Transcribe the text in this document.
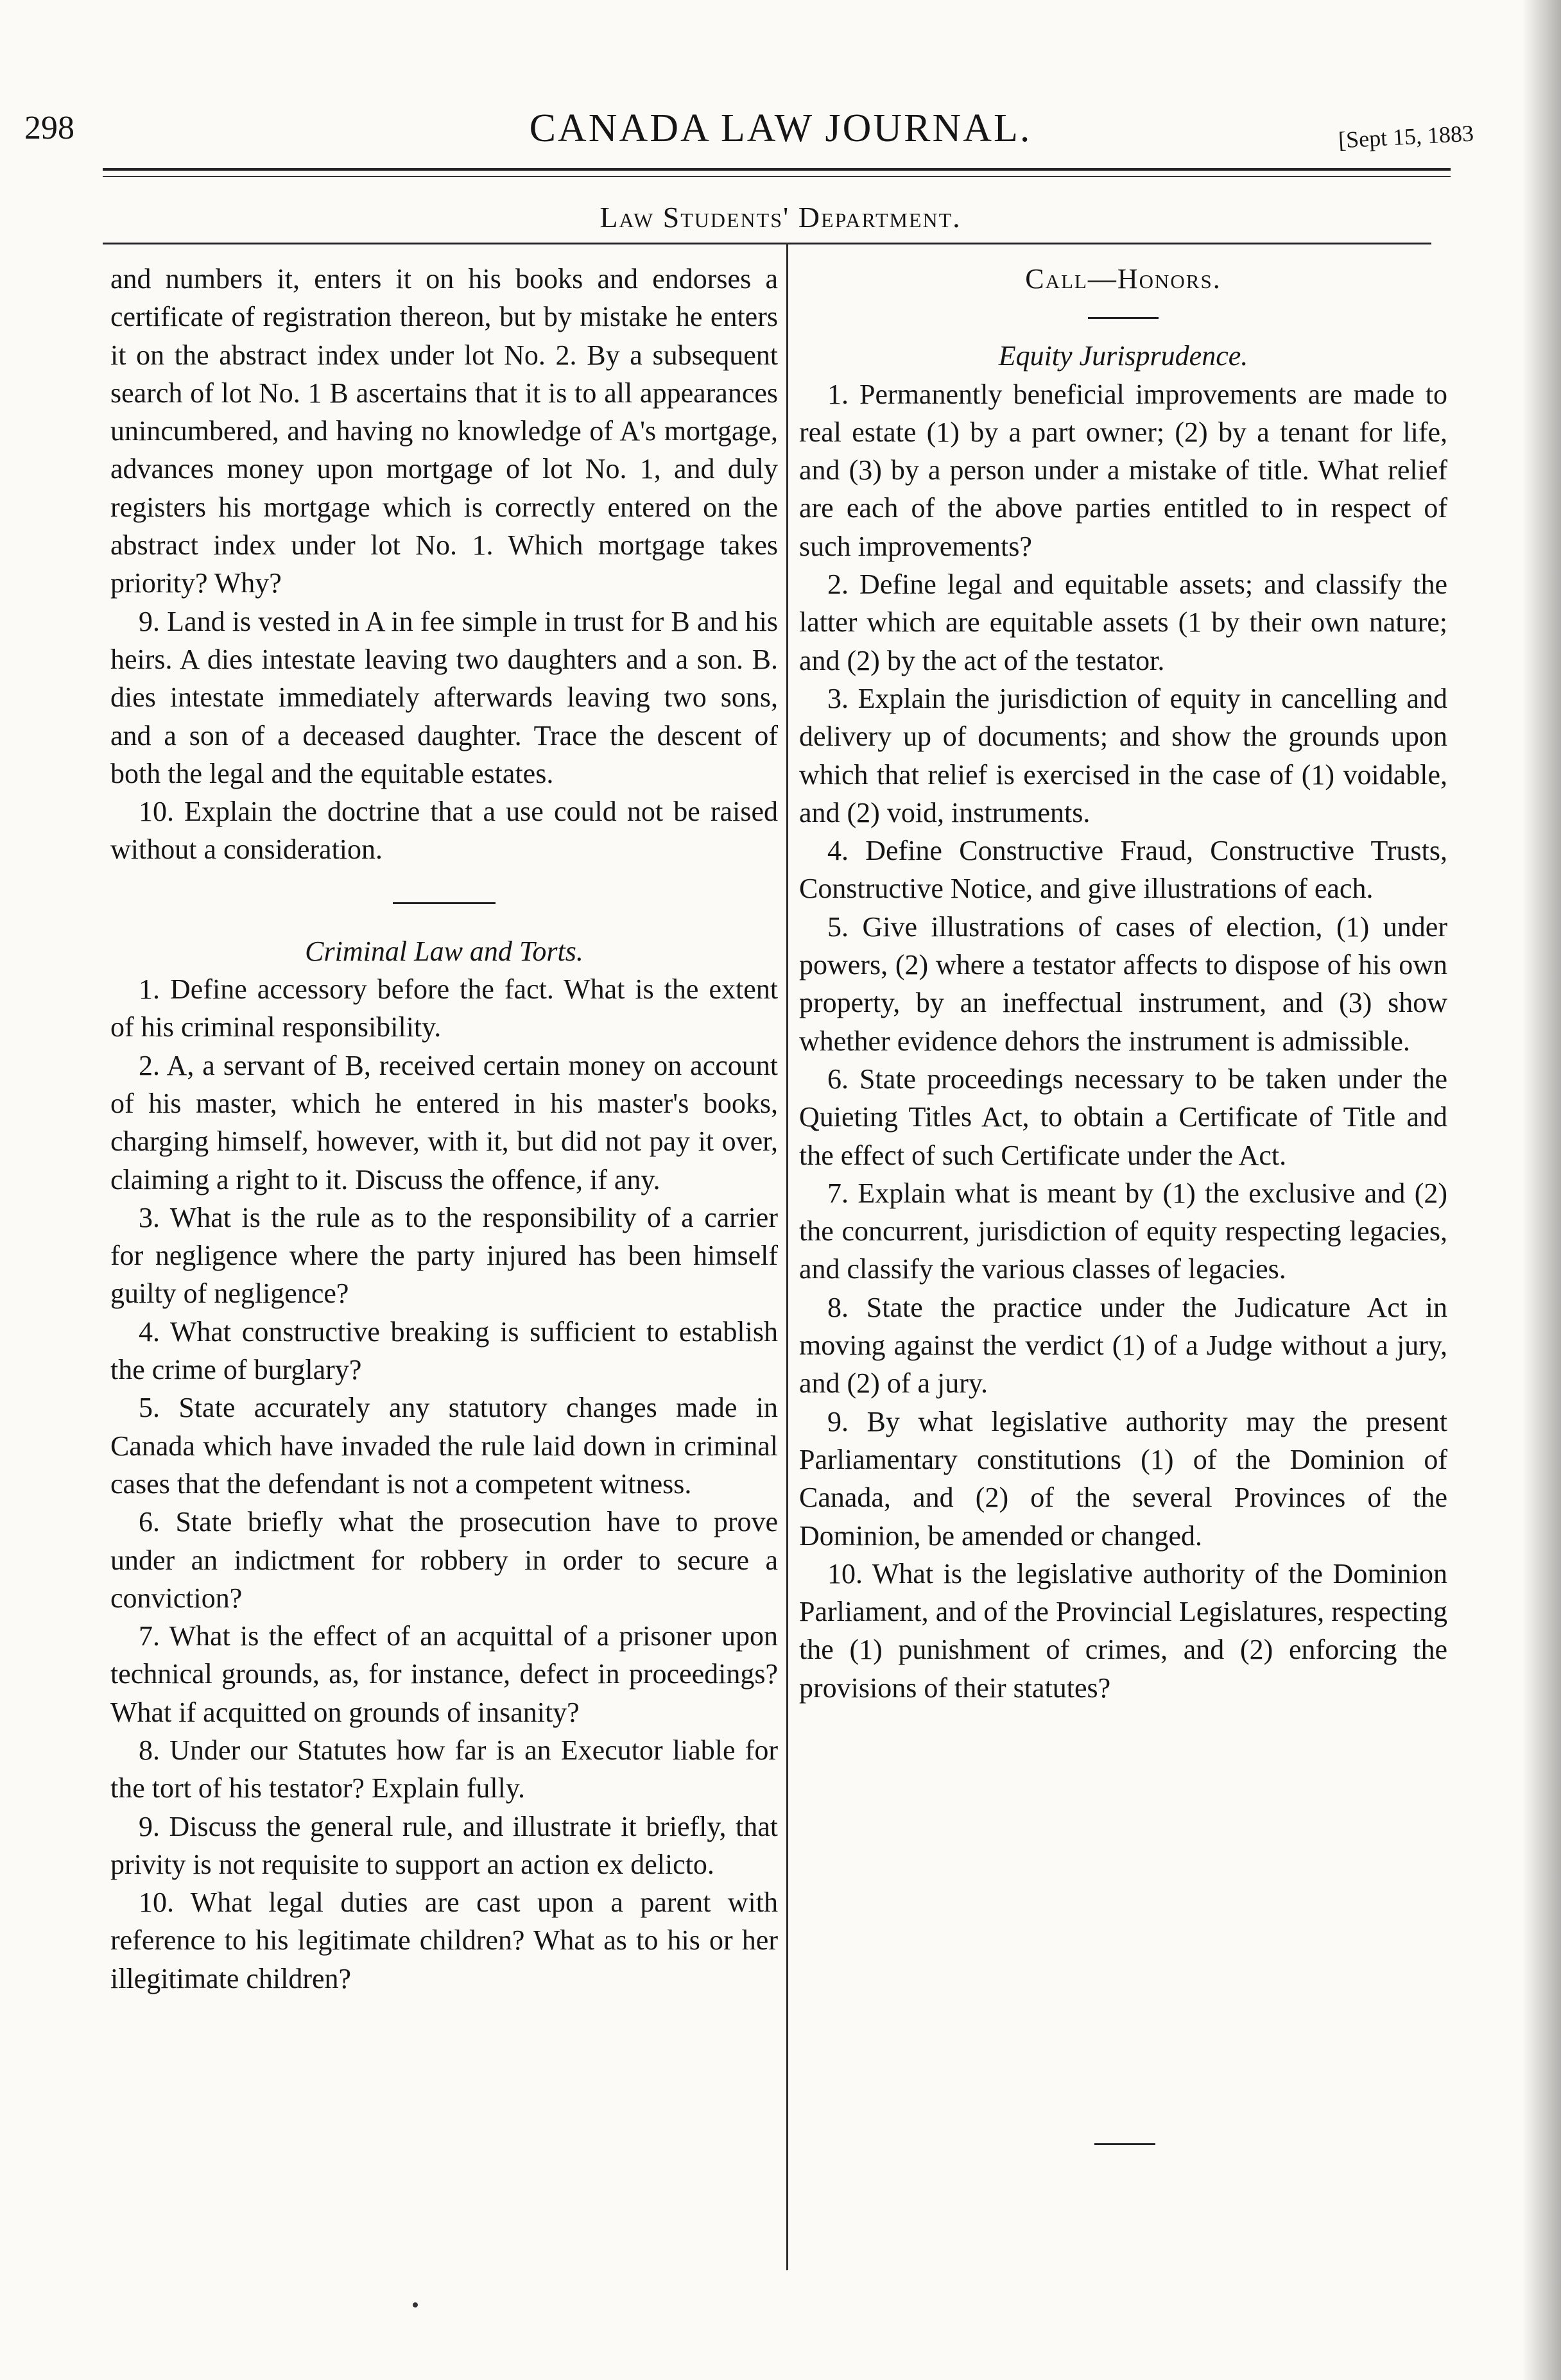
298	CANADA LAW JOURNAL.	[Sept 15, 1883
Law Students' Department.

and numbers it, enters it on his books and endorses a certificate of registration thereon, but by mistake he enters it on the abstract index under lot No. 2. By a subsequent search of lot No. 1 B ascertains that it is to all appearances unincumbered, and having no knowledge of A's mortgage, advances money upon mortgage of lot No. 1, and duly registers his mortgage which is correctly entered on the abstract index under lot No. 1. Which mortgage takes priority? Why?

9. Land is vested in A in fee simple in trust for B and his heirs. A dies intestate leaving two daughters and a son. B. dies intestate immediately afterwards leaving two sons, and a son of a deceased daughter. Trace the descent of both the legal and the equitable estates.

10. Explain the doctrine that a use could not be raised without a consideration.

Criminal Law and Torts.

1. Define accessory before the fact. What is the extent of his criminal responsibility.

2. A, a servant of B, received certain money on account of his master, which he entered in his master's books, charging himself, however, with it, but did not pay it over, claiming a right to it. Discuss the offence, if any.

3. What is the rule as to the responsibility of a carrier for negligence where the party injured has been himself guilty of negligence?

4. What constructive breaking is sufficient to establish the crime of burglary?

5. State accurately any statutory changes made in Canada which have invaded the rule laid down in criminal cases that the defendant is not a competent witness.

6. State briefly what the prosecution have to prove under an indictment for robbery in order to secure a conviction?

7. What is the effect of an acquittal of a prisoner upon technical grounds, as, for instance, defect in proceedings? What if acquitted on grounds of insanity?

8. Under our Statutes how far is an Executor liable for the tort of his testator? Explain fully.

9. Discuss the general rule, and illustrate it briefly, that privity is not requisite to support an action ex delicto.

10. What legal duties are cast upon a parent with reference to his legitimate children? What as to his or her illegitimate children?

Call—Honors.

Equity Jurisprudence.

1. Permanently beneficial improvements are made to real estate (1) by a part owner; (2) by a tenant for life, and (3) by a person under a mistake of title. What relief are each of the above parties entitled to in respect of such improvements?

2. Define legal and equitable assets; and classify the latter which are equitable assets (1 by their own nature; and (2) by the act of the testator.

3. Explain the jurisdiction of equity in cancelling and delivery up of documents; and show the grounds upon which that relief is exercised in the case of (1) voidable, and (2) void, instruments.

4. Define Constructive Fraud, Constructive Trusts, Constructive Notice, and give illustrations of each.

5. Give illustrations of cases of election, (1) under powers, (2) where a testator affects to dispose of his own property, by an ineffectual instrument, and (3) show whether evidence dehors the instrument is admissible.

6. State proceedings necessary to be taken under the Quieting Titles Act, to obtain a Certificate of Title and the effect of such Certificate under the Act.

7. Explain what is meant by (1) the exclusive and (2) the concurrent, jurisdiction of equity respecting legacies, and classify the various classes of legacies.

8. State the practice under the Judicature Act in moving against the verdict (1) of a Judge without a jury, and (2) of a jury.

9. By what legislative authority may the present Parliamentary constitutions (1) of the Dominion of Canada, and (2) of the several Provinces of the Dominion, be amended or changed.

10. What is the legislative authority of the Dominion Parliament, and of the Provincial Legislatures, respecting the (1) punishment of crimes, and (2) enforcing the provisions of their statutes?
